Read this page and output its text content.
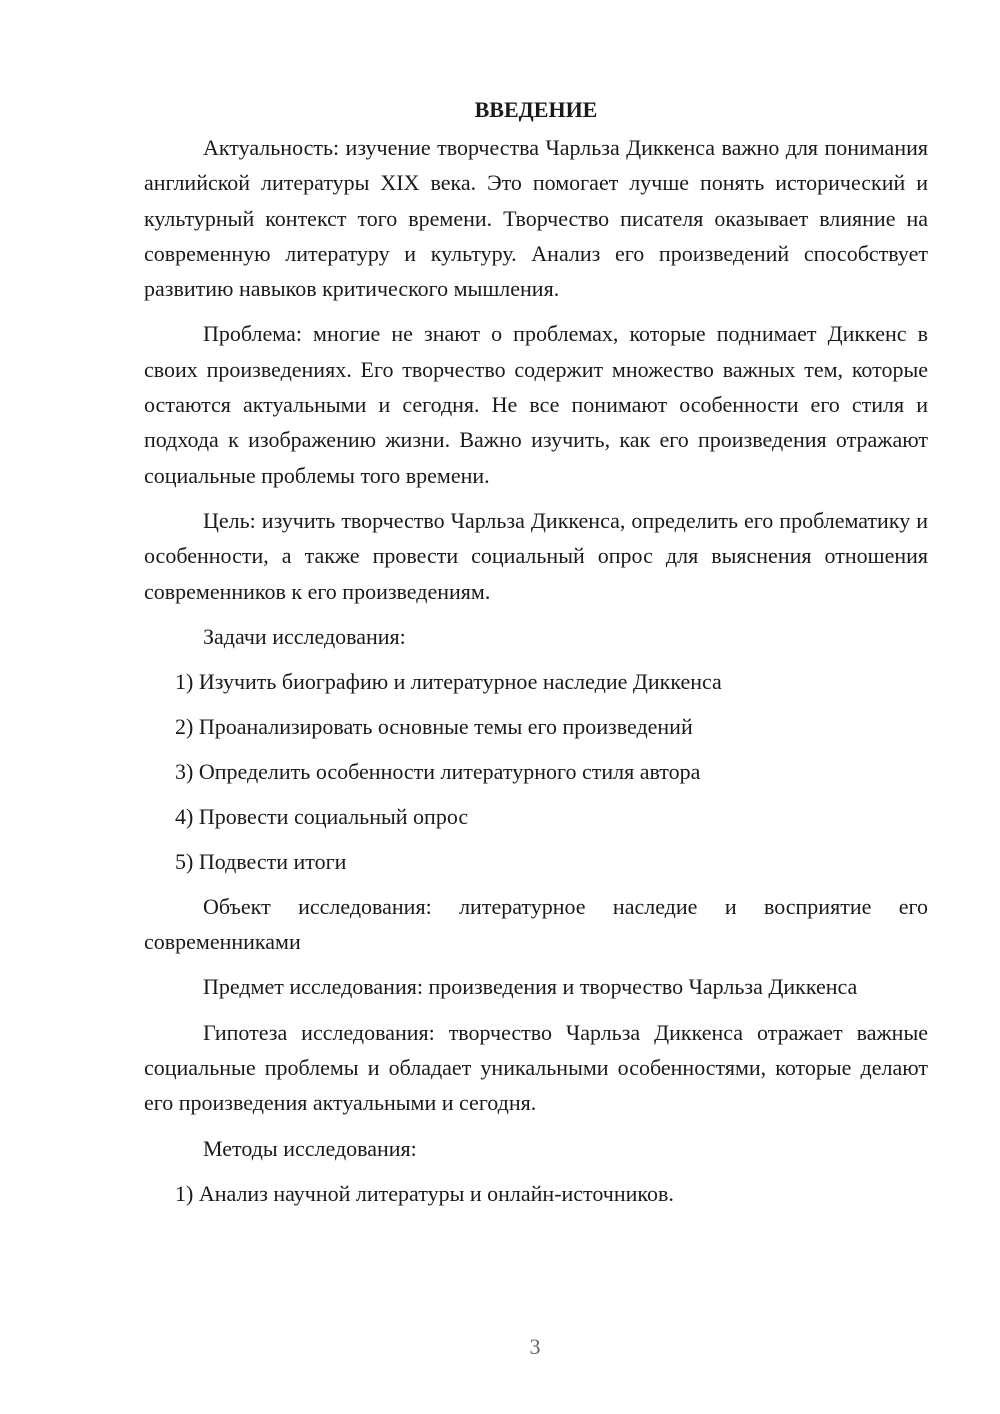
ВВЕДЕНИЕ

Актуальность: изучение творчества Чарльза Диккенса важно для понимания английской литературы XIX века. Это помогает лучше понять исторический и культурный контекст того времени. Творчество писателя оказывает влияние на современную литературу и культуру. Анализ его произведений способствует развитию навыков критического мышления.

Проблема: многие не знают о проблемах, которые поднимает Диккенс в своих произведениях. Его творчество содержит множество важных тем, которые остаются актуальными и сегодня. Не все понимают особенности его стиля и подхода к изображению жизни. Важно изучить, как его произведения отражают социальные проблемы того времени.

Цель: изучить творчество Чарльза Диккенса, определить его проблематику и особенности, а также провести социальный опрос для выяснения отношения современников к его произведениям.

Задачи исследования:

1) Изучить биографию и литературное наследие Диккенса

2) Проанализировать основные темы его произведений

3) Определить особенности литературного стиля автора

4) Провести социальный опрос

5) Подвести итоги

Объект исследования: литературное наследие и восприятие его современниками

Предмет исследования: произведения и творчество Чарльза Диккенса

Гипотеза исследования: творчество Чарльза Диккенса отражает важные социальные проблемы и обладает уникальными особенностями, которые делают его произведения актуальными и сегодня.

Методы исследования:

1) Анализ научной литературы и онлайн-источников.

3
